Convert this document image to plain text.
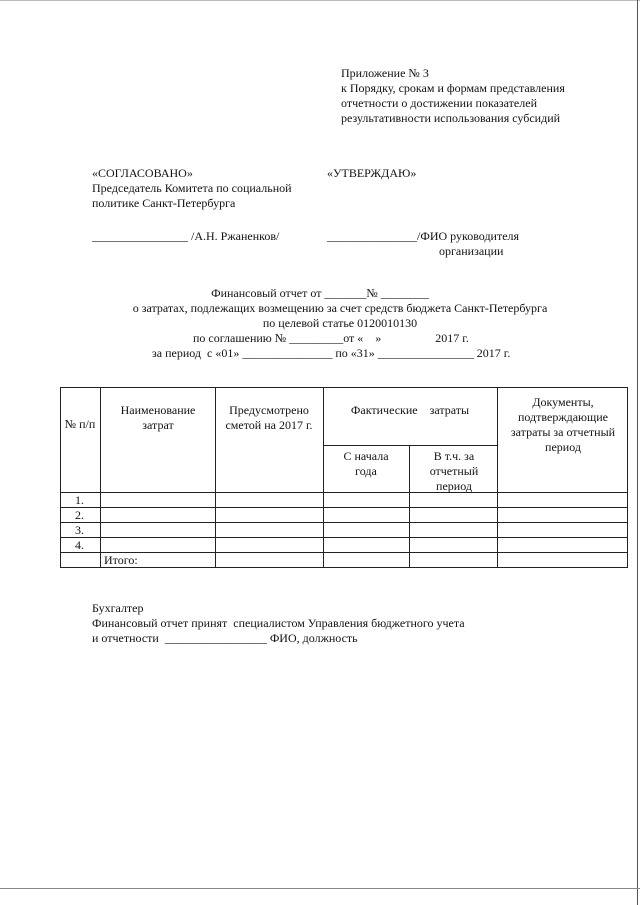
Приложение № 3
к Порядку, срокам и формам представления
отчетности о достижении показателей
результативности использования субсидий
«СОГЛАСОВАНО»
Председатель Комитета по социальной
политике Санкт-Петербурга
________________ /А.Н. Ржаненков/
«УТВЕРЖДАЮ»
_______________/ФИО руководителя
организации
Финансовый отчет от _______№ ________
о затратах, подлежащих возмещению за счет средств бюджета Санкт-Петербурга
по целевой статье 0120010130
по соглашению № _________от «    »                  2017 г.
за период  с «01» _______________ по «31» ________________ 2017 г.
№ п/п
Наименование затрат
Предусмотрено сметой на 2017 г.
Фактические    затраты
С начала года
В т.ч. за отчетный период
Документы, подтверждающие затраты за отчетный период
1.
2.
3.
4.
Итого:
Бухгалтер
Финансовый отчет принят  специалистом Управления бюджетного учета
и отчетности  _________________ ФИО, должность
